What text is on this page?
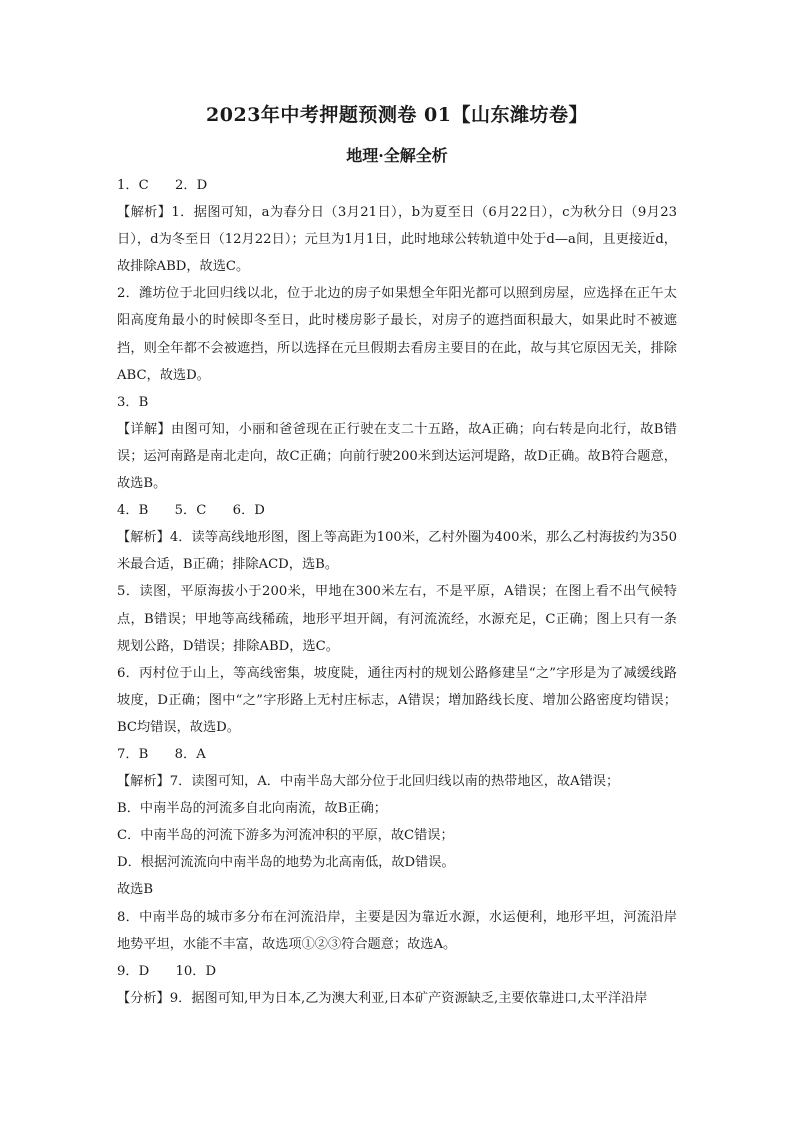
2023年中考押题预测卷 01【山东潍坊卷】
地理·全解全析

1．C　　2．D

【解析】1．据图可知，a为春分日（3月21日），b为夏至日（6月22日），c为秋分日（9月23日），d为冬至日（12月22日）；元旦为1月1日，此时地球公转轨道中处于d—a间，且更接近d，故排除ABD，故选C。

2．潍坊位于北回归线以北，位于北边的房子如果想全年阳光都可以照到房屋，应选择在正午太阳高度角最小的时候即冬至日，此时楼房影子最长，对房子的遮挡面积最大，如果此时不被遮挡，则全年都不会被遮挡，所以选择在元旦假期去看房主要目的在此，故与其它原因无关，排除ABC，故选D。

3．B

【详解】由图可知，小丽和爸爸现在正行驶在支二十五路，故A正确；向右转是向北行，故B错误；运河南路是南北走向，故C正确；向前行驶200米到达运河堤路，故D正确。故B符合题意，故选B。

4．B　　5．C　　6．D

【解析】4．读等高线地形图，图上等高距为100米，乙村外圈为400米，那么乙村海拔约为350米最合适，B正确；排除ACD，选B。

5．读图，平原海拔小于200米，甲地在300米左右，不是平原，A错误；在图上看不出气候特点，B错误；甲地等高线稀疏，地形平坦开阔，有河流流经，水源充足，C正确；图上只有一条规划公路，D错误；排除ABD，选C。

6．丙村位于山上，等高线密集，坡度陡，通往丙村的规划公路修建呈“之”字形是为了减缓线路坡度，D正确；图中“之”字形路上无村庄标志，A错误；增加路线长度、增加公路密度均错误；BC均错误，故选D。

7．B　　8．A

【解析】7．读图可知，A．中南半岛大部分位于北回归线以南的热带地区，故A错误；

B．中南半岛的河流多自北向南流，故B正确；

C．中南半岛的河流下游多为河流冲积的平原，故C错误；

D．根据河流流向中南半岛的地势为北高南低，故D错误。

故选B

8．中南半岛的城市多分布在河流沿岸，主要是因为靠近水源，水运便利，地形平坦，河流沿岸地势平坦，水能不丰富，故选项①②③符合题意；故选A。

9．D　　10．D

【分析】9．据图可知,甲为日本,乙为澳大利亚,日本矿产资源缺乏,主要依靠进口,太平洋沿岸
